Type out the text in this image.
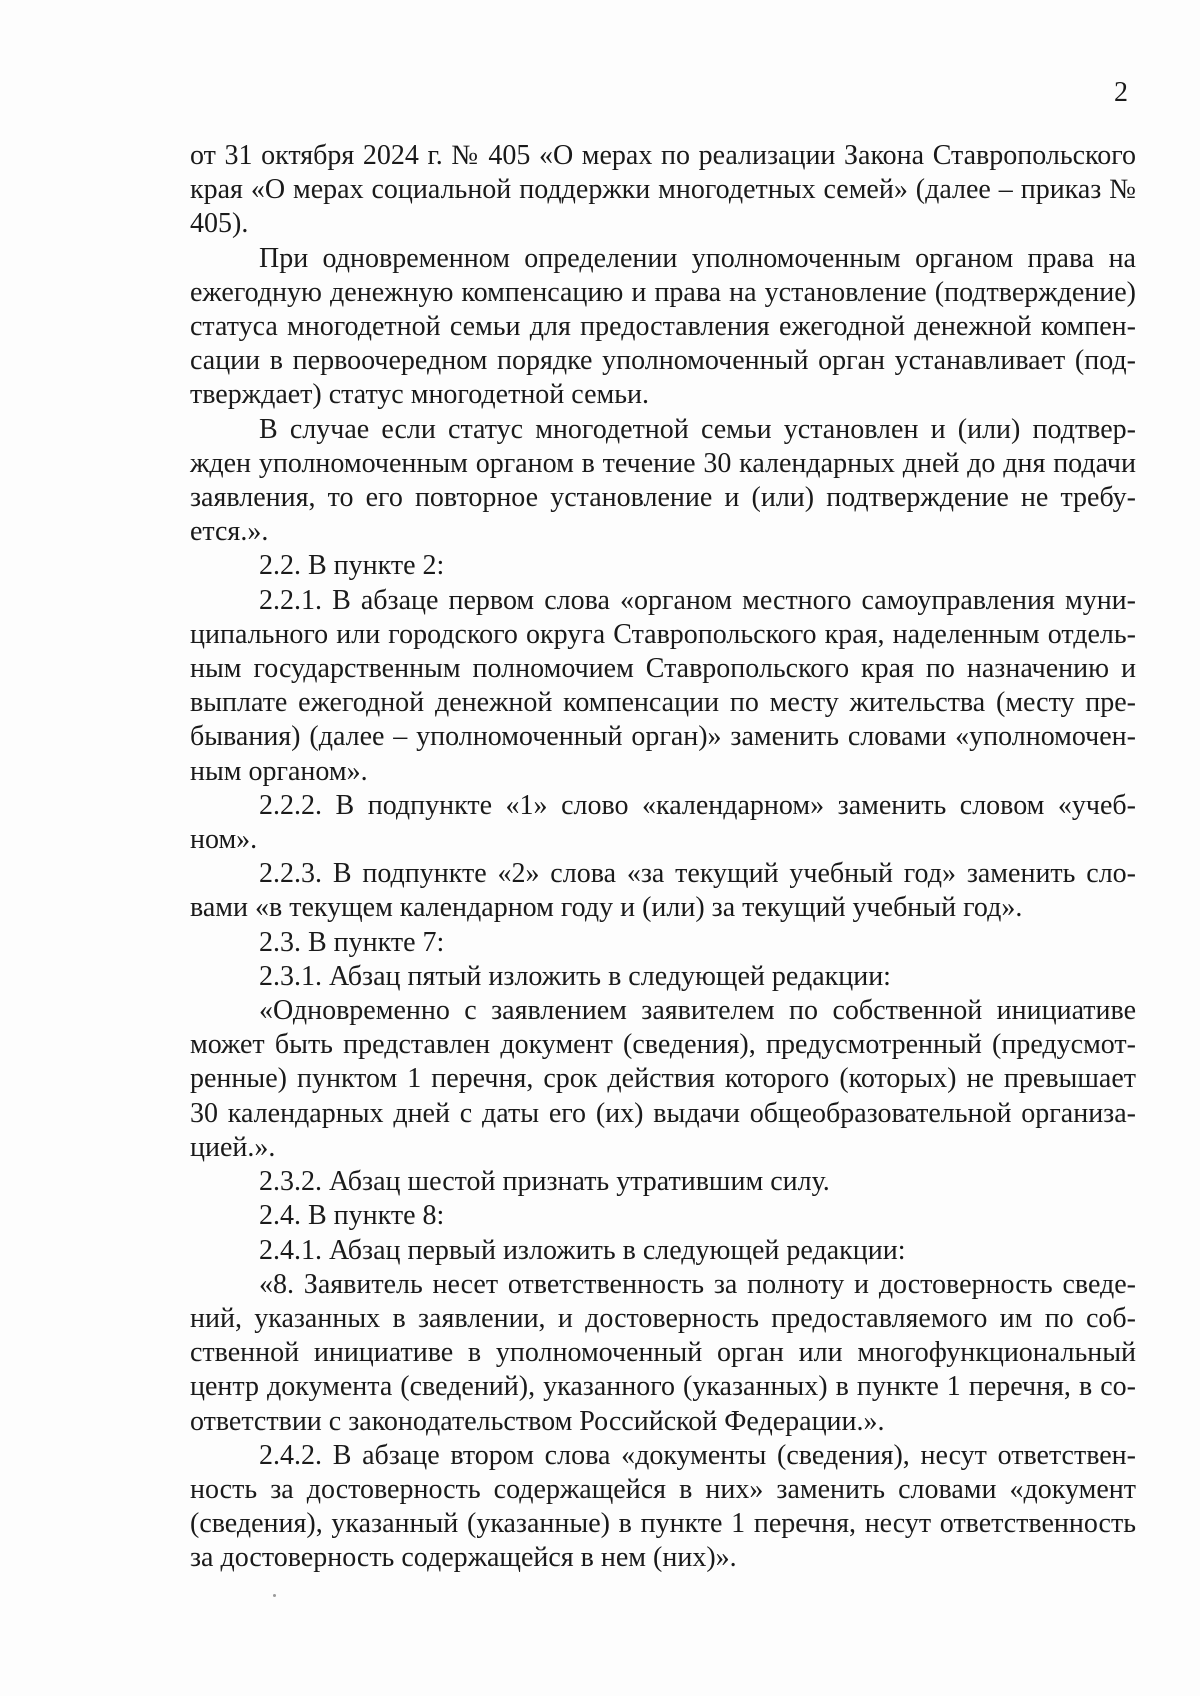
2

от 31 октября 2024 г. № 405 «О мерах по реализации Закона Ставропольского края «О мерах социальной поддержки многодетных семей» (далее – приказ № 405).

При одновременном определении уполномоченным органом права на ежегодную денежную компенсацию и права на установление (подтверждение) статуса многодетной семьи для предоставления ежегодной денежной компенсации в первоочередном порядке уполномоченный орган устанавливает (подтверждает) статус многодетной семьи.

В случае если статус многодетной семьи установлен и (или) подтвержден уполномоченным органом в течение 30 календарных дней до дня подачи заявления, то его повторное установление и (или) подтверждение не требуется.».

2.2. В пункте 2:

2.2.1. В абзаце первом слова «органом местного самоуправления муниципального или городского округа Ставропольского края, наделенным отдельным государственным полномочием Ставропольского края по назначению и выплате ежегодной денежной компенсации по месту жительства (месту пребывания) (далее – уполномоченный орган)» заменить словами «уполномоченным органом».

2.2.2. В подпункте «1» слово «календарном» заменить словом «учебном».

2.2.3. В подпункте «2» слова «за текущий учебный год» заменить словами «в текущем календарном году и (или) за текущий учебный год».

2.3. В пункте 7:

2.3.1. Абзац пятый изложить в следующей редакции:

«Одновременно с заявлением заявителем по собственной инициативе может быть представлен документ (сведения), предусмотренный (предусмотренные) пунктом 1 перечня, срок действия которого (которых) не превышает 30 календарных дней с даты его (их) выдачи общеобразовательной организацией.».

2.3.2. Абзац шестой признать утратившим силу.

2.4. В пункте 8:

2.4.1. Абзац первый изложить в следующей редакции:

«8. Заявитель несет ответственность за полноту и достоверность сведений, указанных в заявлении, и достоверность предоставляемого им по собственной инициативе в уполномоченный орган или многофункциональный центр документа (сведений), указанного (указанных) в пункте 1 перечня, в соответствии с законодательством Российской Федерации.».

2.4.2. В абзаце втором слова «документы (сведения), несут ответственность за достоверность содержащейся в них» заменить словами «документ (сведения), указанный (указанные) в пункте 1 перечня, несут ответственность за достоверность содержащейся в нем (них)».
